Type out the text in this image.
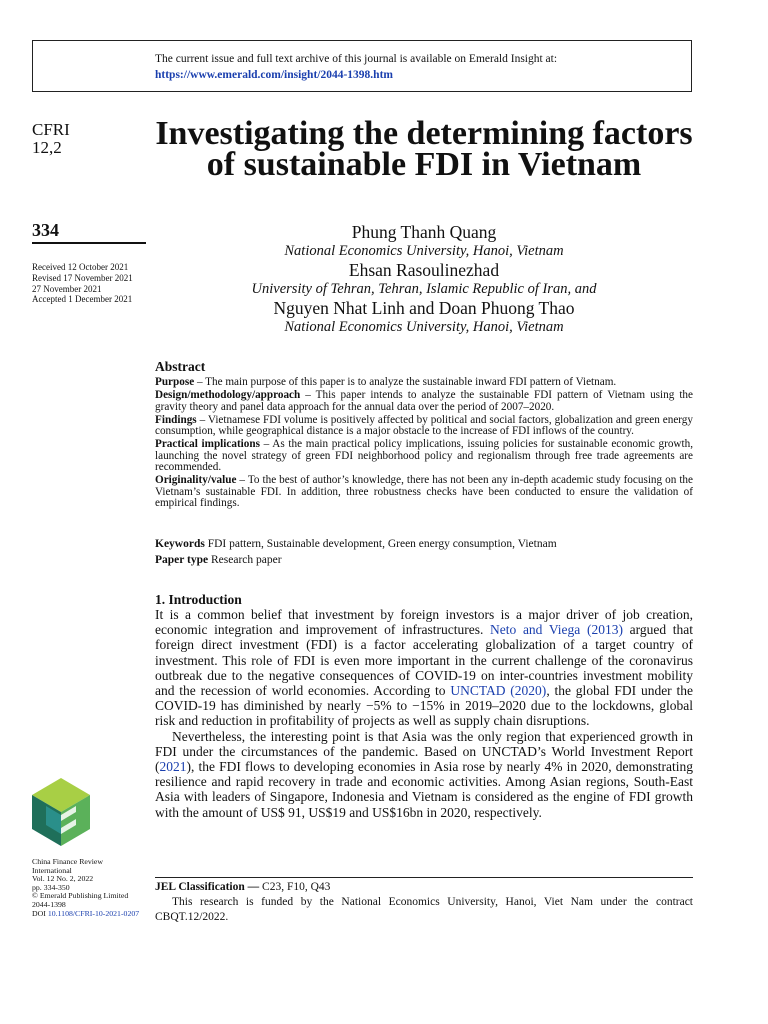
The current issue and full text archive of this journal is available on Emerald Insight at:
https://www.emerald.com/insight/2044-1398.htm
CFRI
12,2
334
Received 12 October 2021
Revised 17 November 2021
27 November 2021
Accepted 1 December 2021
Investigating the determining factors of sustainable FDI in Vietnam
Phung Thanh Quang
National Economics University, Hanoi, Vietnam
Ehsan Rasoulinezhad
University of Tehran, Tehran, Islamic Republic of Iran, and
Nguyen Nhat Linh and Doan Phuong Thao
National Economics University, Hanoi, Vietnam
Abstract

Purpose – The main purpose of this paper is to analyze the sustainable inward FDI pattern of Vietnam.

Design/methodology/approach – This paper intends to analyze the sustainable FDI pattern of Vietnam using the gravity theory and panel data approach for the annual data over the period of 2007–2020.

Findings – Vietnamese FDI volume is positively affected by political and social factors, globalization and green energy consumption, while geographical distance is a major obstacle to the increase of FDI inflows of the country.

Practical implications – As the main practical policy implications, issuing policies for sustainable economic growth, launching the novel strategy of green FDI neighborhood policy and regionalism through free trade agreements are recommended.

Originality/value – To the best of author’s knowledge, there has not been any in-depth academic study focusing on the Vietnam’s sustainable FDI. In addition, three robustness checks have been conducted to ensure the validation of empirical findings.

Keywords FDI pattern, Sustainable development, Green energy consumption, Vietnam

Paper type Research paper

1. Introduction

It is a common belief that investment by foreign investors is a major driver of job creation, economic integration and improvement of infrastructures. Neto and Viega (2013) argued that foreign direct investment (FDI) is a factor accelerating globalization of a target country of investment. This role of FDI is even more important in the current challenge of the coronavirus outbreak due to the negative consequences of COVID-19 on inter-countries investment mobility and the recession of world economies. According to UNCTAD (2020), the global FDI under the COVID-19 has diminished by nearly −5% to −15% in 2019–2020 due to the lockdowns, global risk and reduction in profitability of projects as well as supply chain disruptions.

Nevertheless, the interesting point is that Asia was the only region that experienced growth in FDI under the circumstances of the pandemic. Based on UNCTAD’s World Investment Report (2021), the FDI flows to developing economies in Asia rose by nearly 4% in 2020, demonstrating resilience and rapid recovery in trade and economic activities. Among Asian regions, South-East Asia with leaders of Singapore, Indonesia and Vietnam is considered as the engine of FDI growth with the amount of US$ 91, US$19 and US$16bn in 2020, respectively.

JEL Classification — C23, F10, Q43

This research is funded by the National Economics University, Hanoi, Viet Nam under the contract CBQT.12/2022.

China Finance Review
International
Vol. 12 No. 2, 2022
pp. 334-350
© Emerald Publishing Limited
2044-1398
DOI 10.1108/CFRI-10-2021-0207
